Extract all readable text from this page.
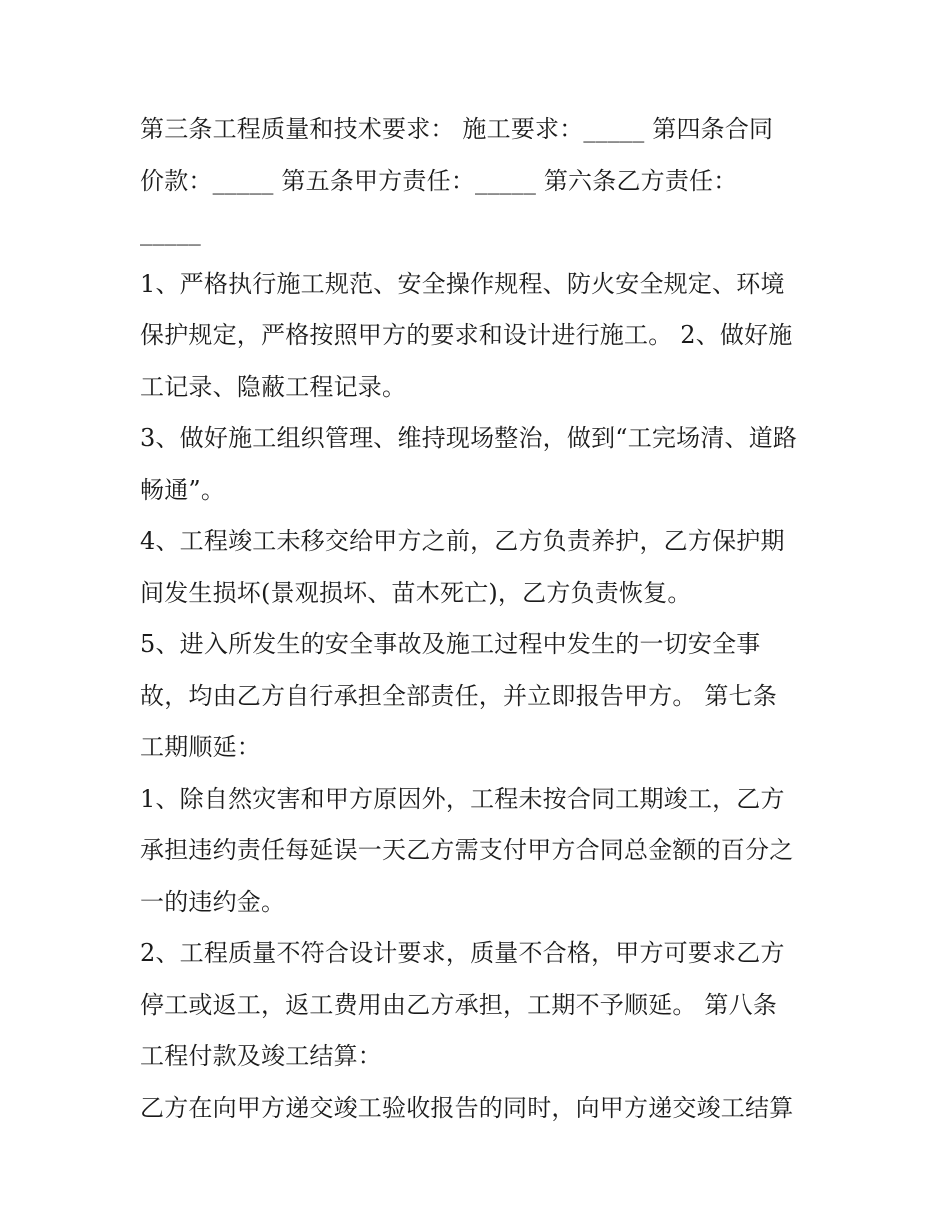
第三条工程质量和技术要求： 施工要求：_____ 第四条合同
价款：_____ 第五条甲方责任：_____ 第六条乙方责任：
_____
1、严格执行施工规范、安全操作规程、防火安全规定、环境
保护规定，严格按照甲方的要求和设计进行施工。 2、做好施
工记录、隐蔽工程记录。
3、做好施工组织管理、维持现场整治，做到“工完场清、道路
畅通”。
4、工程竣工未移交给甲方之前，乙方负责养护，乙方保护期
间发生损坏(景观损坏、苗木死亡)，乙方负责恢复。
5、进入所发生的安全事故及施工过程中发生的一切安全事
故，均由乙方自行承担全部责任，并立即报告甲方。 第七条
工期顺延：
1、除自然灾害和甲方原因外，工程未按合同工期竣工，乙方
承担违约责任每延误一天乙方需支付甲方合同总金额的百分之
一的违约金。
2、工程质量不符合设计要求，质量不合格，甲方可要求乙方
停工或返工，返工费用由乙方承担，工期不予顺延。 第八条
工程付款及竣工结算：
乙方在向甲方递交竣工验收报告的同时，向甲方递交竣工结算
